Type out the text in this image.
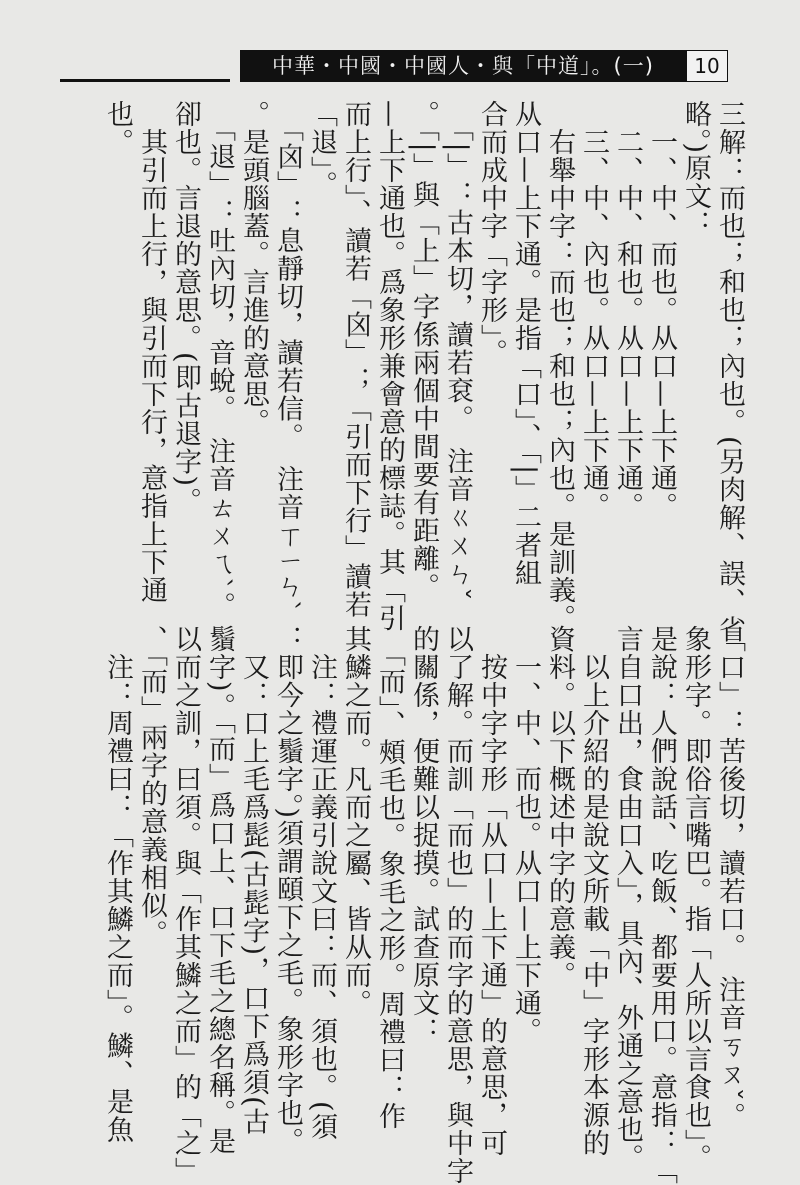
中華・中國・中國人・與「中道」。(一)	10

三解：而也；和也；內也。(另肉解、誤、省

略。)原文：

　一、中、而也。从口—上下通。

　二、中、和也。从口—上下通。

　三、中、內也。从口—上下通。

　右舉中字：而也；和也；內也。是訓義。

从口—上下通。是指「口」、「|」二者組

合而成中字「字形」。

　「|」：古本切，讀若袞。　注音ㄍㄨㄣˇ

。「|」與「上」字係兩個中間要有距離。

—上下通也。爲象形兼會意的標誌。其「引

而上行」、讀若「囟」；「引而下行」讀若

「退」。

　「囟」：息靜切，讀若信。　注音ㄒㄧㄣˋ

。是頭腦蓋。言進的意思。

　「退」：吐內切，音蛻。　注音ㄊㄨㄟˋ。

卻也。言退的意思。(即古退字)。

　其引而上行，與引而下行，意指上下通

也。

「口」：苦後切，讀若口。　注音ㄎㄡˇ。

象形字。即俗言嘴巴。指「人所以言食也」。

是說：人們說話、吃飯、都要用口。意指：「

言自口出，食由口入」，具內、外通之意也。

　以上介紹的是說文所載「中」字形本源的

資料。以下概述中字的意義。

　一、中、而也。从口—上下通。

　按中字字形「从口—上下通」的意思，可

以了解。而訓「而也」的而字的意思，與中字

的關係，便難以捉摸。試查原文：

　「而」、頰毛也。象毛之形。周禮曰：作

其鱗之而。凡而之屬、皆从而。

　注：禮運正義引說文曰：而、須也。(須

：即今之鬚字。)須謂頤下之毛。象形字也。

　又：口上毛爲髭(古髭字)，口下爲須(古

鬚字)。「而」爲口上、口下毛之總名稱。是

以而之訓，曰須。與「作其鱗之而」的「之」

、「而」兩字的意義相似。

　注：周禮曰：「作其鱗之而」。鱗、是魚
